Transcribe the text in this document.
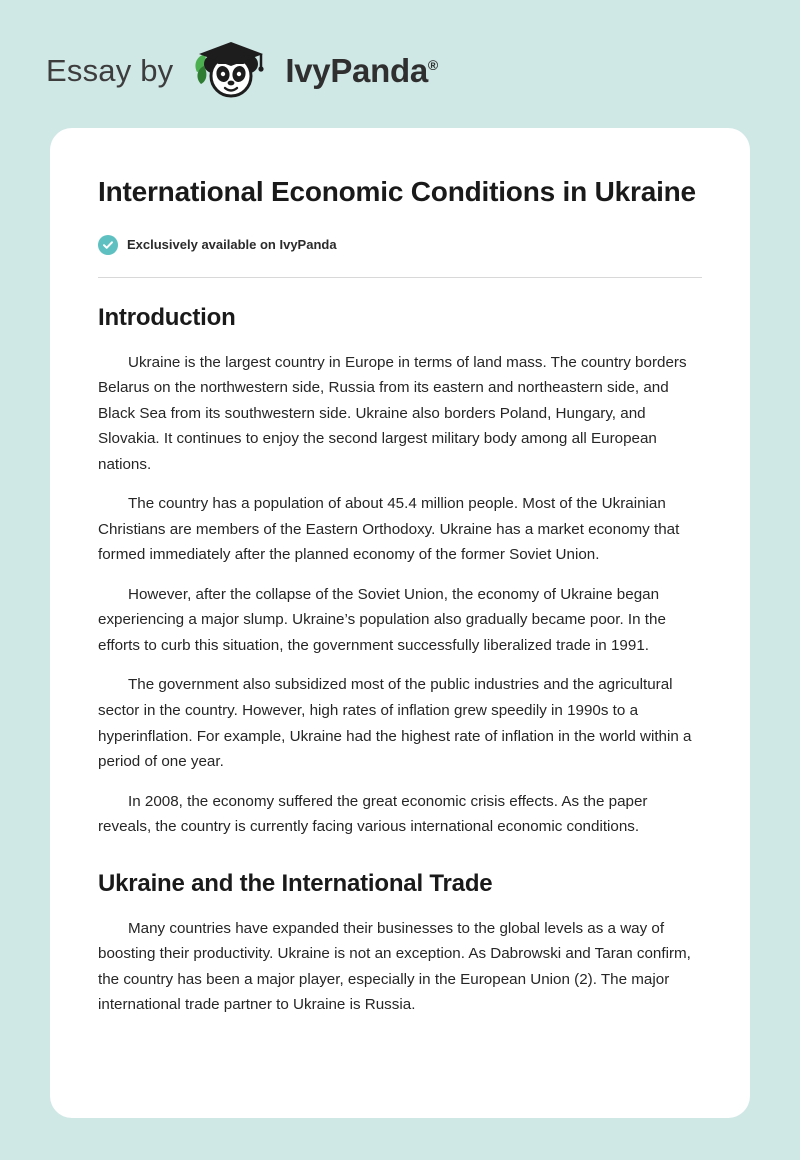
Essay by	IvyPanda®
International Economic Conditions in Ukraine
Exclusively available on IvyPanda
Introduction

Ukraine is the largest country in Europe in terms of land mass. The country borders Belarus on the northwestern side, Russia from its eastern and northeastern side, and Black Sea from its southwestern side. Ukraine also borders Poland, Hungary, and Slovakia. It continues to enjoy the second largest military body among all European nations.

The country has a population of about 45.4 million people. Most of the Ukrainian Christians are members of the Eastern Orthodoxy. Ukraine has a market economy that formed immediately after the planned economy of the former Soviet Union.

However, after the collapse of the Soviet Union, the economy of Ukraine began experiencing a major slump. Ukraine’s population also gradually became poor. In the efforts to curb this situation, the government successfully liberalized trade in 1991.

The government also subsidized most of the public industries and the agricultural sector in the country. However, high rates of inflation grew speedily in 1990s to a hyperinflation. For example, Ukraine had the highest rate of inflation in the world within a period of one year.

In 2008, the economy suffered the great economic crisis effects. As the paper reveals, the country is currently facing various international economic conditions.

Ukraine and the International Trade

Many countries have expanded their businesses to the global levels as a way of boosting their productivity. Ukraine is not an exception. As Dabrowski and Taran confirm, the country has been a major player, especially in the European Union (2). The major international trade partner to Ukraine is Russia.
